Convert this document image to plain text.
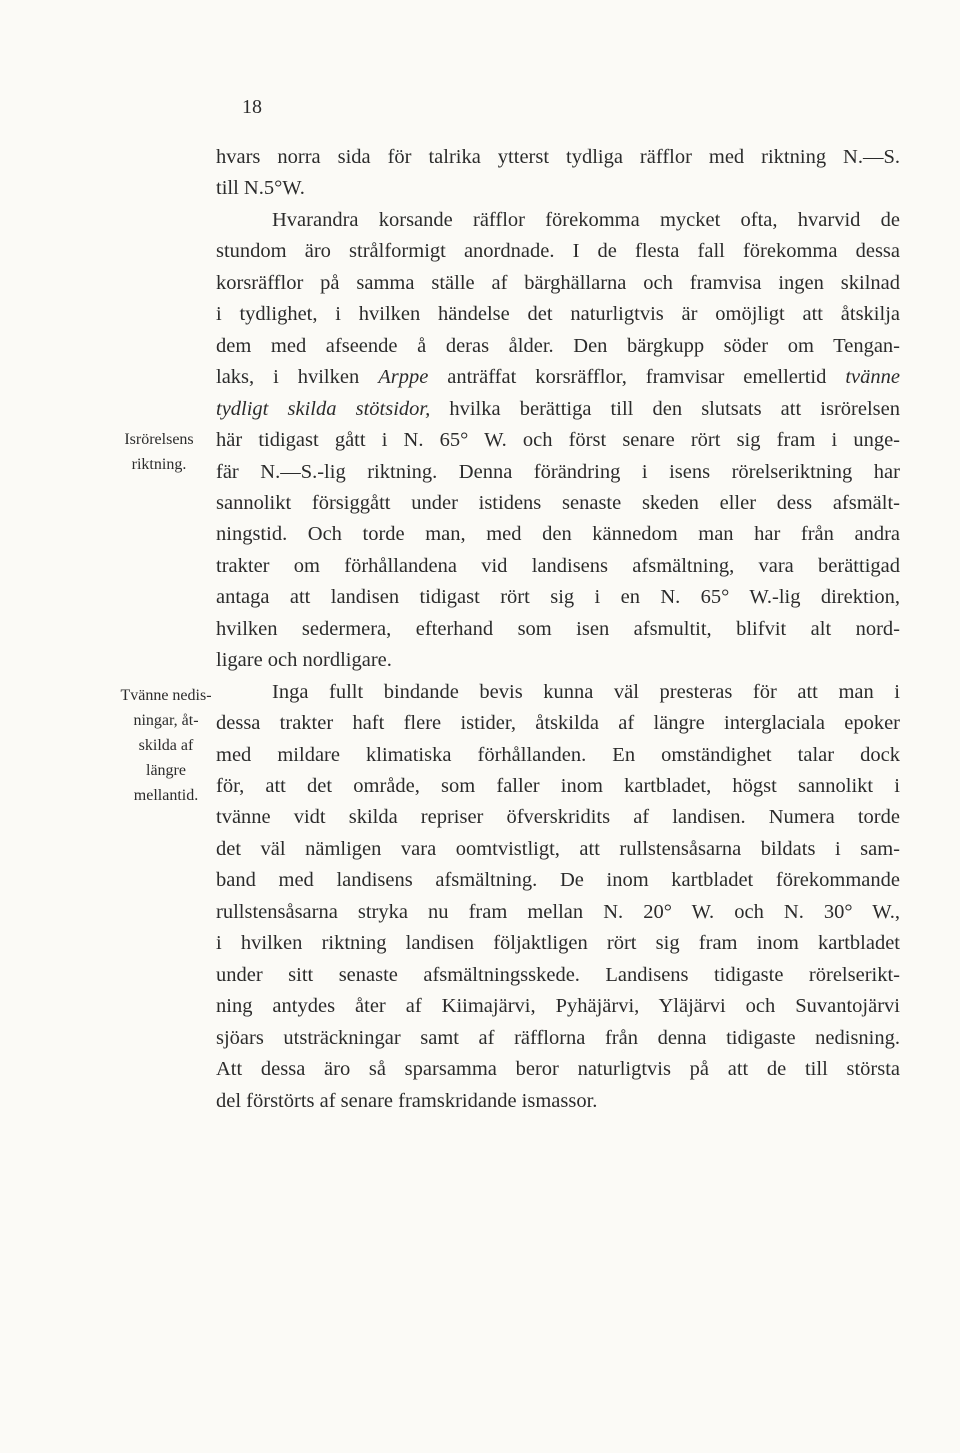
18
hvars norra sida för talrika ytterst tydliga räfflor med riktning N.—S.
till N.5°W.
Hvarandra korsande räfflor förekomma mycket ofta, hvarvid de
stundom äro strålformigt anordnade. I de flesta fall förekomma dessa
korsräfflor på samma ställe af bärghällarna och framvisa ingen skilnad
i tydlighet, i hvilken händelse det naturligtvis är omöjligt att åtskilja
dem med afseende å deras ålder. Den bärgkupp söder om Tengan-
laks, i hvilken Arppe anträffat korsräfflor, framvisar emellertid tvänne
tydligt skilda stötsidor, hvilka berättiga till den slutsats att isrörelsen
här tidigast gått i N. 65° W. och först senare rört sig fram i unge-
fär N.—S.-lig riktning. Denna förändring i isens rörelseriktning har
sannolikt försiggått under istidens senaste skeden eller dess afsmält-
ningstid. Och torde man, med den kännedom man har från andra
trakter om förhållandena vid landisens afsmältning, vara berättigad
antaga att landisen tidigast rört sig i en N. 65° W.-lig direktion,
hvilken sedermera, efterhand som isen afsmultit, blifvit alt nord-
ligare och nordligare.
Inga fullt bindande bevis kunna väl presteras för att man i
dessa trakter haft flere istider, åtskilda af längre interglaciala epoker
med mildare klimatiska förhållanden. En omständighet talar dock
för, att det område, som faller inom kartbladet, högst sannolikt i
tvänne vidt skilda repriser öfverskridits af landisen. Numera torde
det väl nämligen vara oomtvistligt, att rullstensåsarna bildats i sam-
band med landisens afsmältning. De inom kartbladet förekommande
rullstensåsarna stryka nu fram mellan N. 20° W. och N. 30° W.,
i hvilken riktning landisen följaktligen rört sig fram inom kartbladet
under sitt senaste afsmältningsskede. Landisens tidigaste rörelserikt-
ning antydes åter af Kiimajärvi, Pyhäjärvi, Yläjärvi och Suvantojärvi
sjöars utsträckningar samt af räfflorna från denna tidigaste nedisning.
Att dessa äro så sparsamma beror naturligtvis på att de till största
del förstörts af senare framskridande ismassor.
Isrörelsens
riktning.
Tvänne nedis-
ningar, åt-
skilda af
längre
mellantid.
